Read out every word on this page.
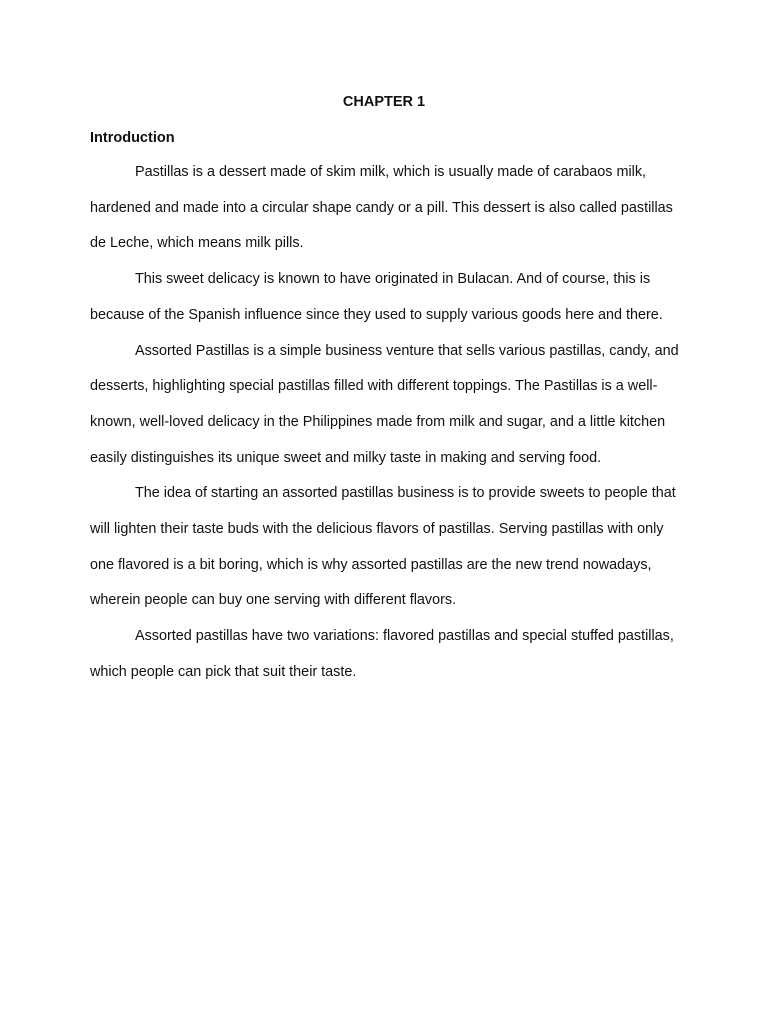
CHAPTER 1
Introduction

Pastillas is a dessert made of skim milk, which is usually made of carabaos milk, hardened and made into a circular shape candy or a pill. This dessert is also called pastillas de Leche, which means milk pills.

This sweet delicacy is known to have originated in Bulacan. And of course, this is because of the Spanish influence since they used to supply various goods here and there.

Assorted Pastillas is a simple business venture that sells various pastillas, candy, and desserts, highlighting special pastillas filled with different toppings. The Pastillas is a well-known, well-loved delicacy in the Philippines made from milk and sugar, and a little kitchen easily distinguishes its unique sweet and milky taste in making and serving food.

The idea of starting an assorted pastillas business is to provide sweets to people that will lighten their taste buds with the delicious flavors of pastillas. Serving pastillas with only one flavored is a bit boring, which is why assorted pastillas are the new trend nowadays, wherein people can buy one serving with different flavors.

Assorted pastillas have two variations: flavored pastillas and special stuffed pastillas, which people can pick that suit their taste.
